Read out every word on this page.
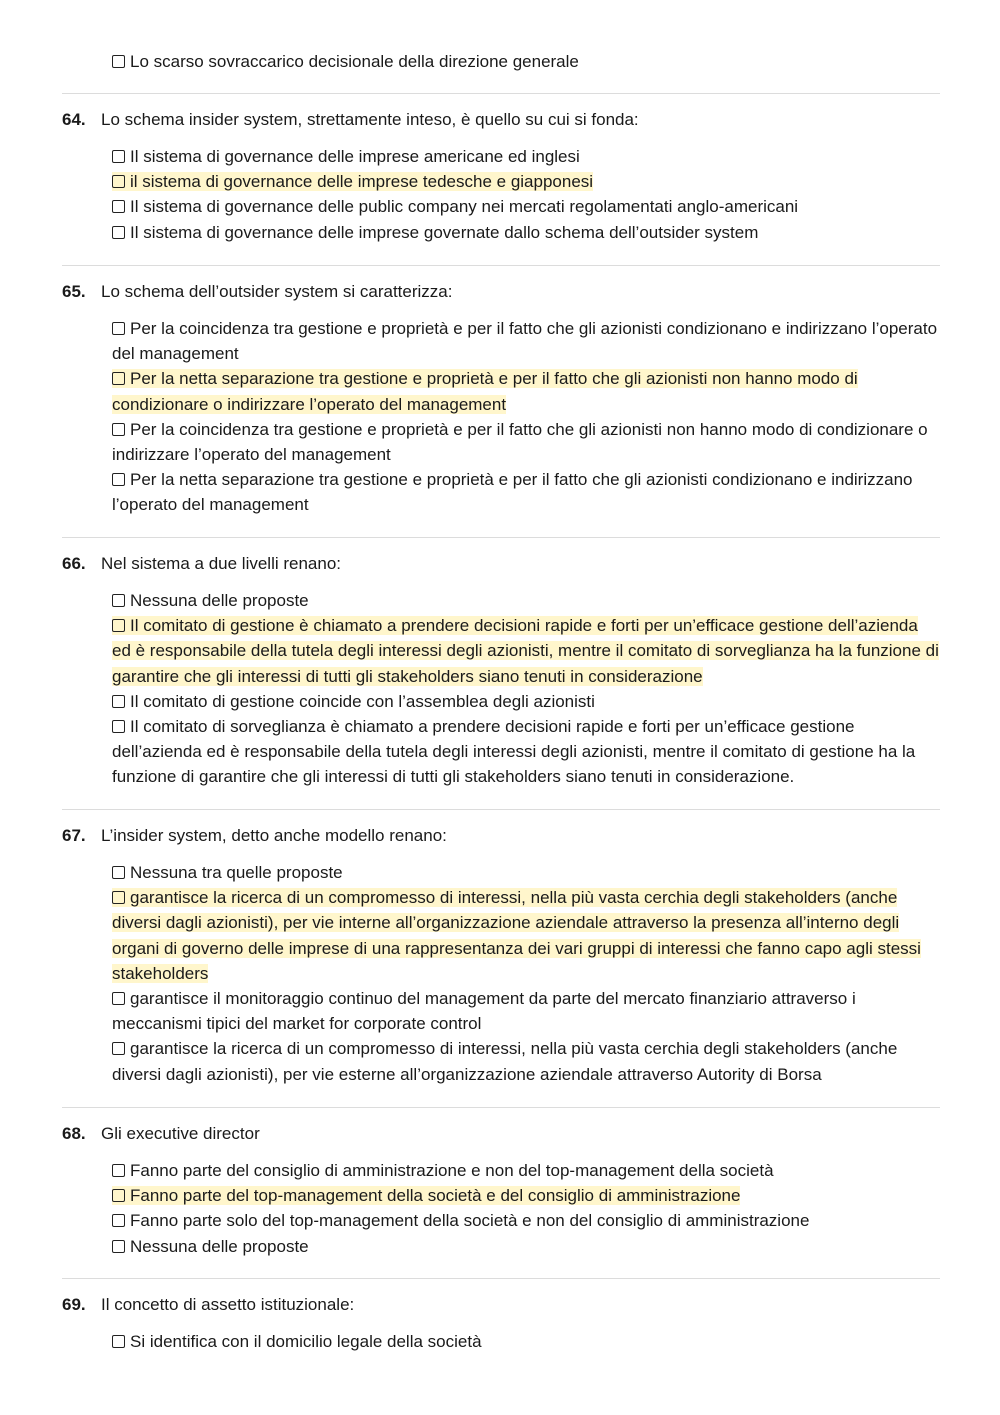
Lo scarso sovraccarico decisionale della direzione generale
64. Lo schema insider system, strettamente inteso, è quello su cui si fonda:
Il sistema di governance delle imprese americane ed inglesi
il sistema di governance delle imprese tedesche e giapponesi
Il sistema di governance delle public company nei mercati regolamentati anglo-americani
Il sistema di governance delle imprese governate dallo schema dell’outsider system
65. Lo schema dell’outsider system si caratterizza:
Per la coincidenza tra gestione e proprietà e per il fatto che gli azionisti condizionano e indirizzano l’operato del management
Per la netta separazione tra gestione e proprietà e per il fatto che gli azionisti non hanno modo di condizionare o indirizzare l’operato del management
Per la coincidenza tra gestione e proprietà e per il fatto che gli azionisti non hanno modo di condizionare o indirizzare l’operato del management
Per la netta separazione tra gestione e proprietà e per il fatto che gli azionisti condizionano e indirizzano l’operato del management
66. Nel sistema a due livelli renano:
Nessuna delle proposte
Il comitato di gestione è chiamato a prendere decisioni rapide e forti per un’efficace gestione dell’azienda ed è responsabile della tutela degli interessi degli azionisti, mentre il comitato di sorveglianza ha la funzione di garantire che gli interessi di tutti gli stakeholders siano tenuti in considerazione
Il comitato di gestione coincide con l’assemblea degli azionisti
Il comitato di sorveglianza è chiamato a prendere decisioni rapide e forti per un’efficace gestione dell’azienda ed è responsabile della tutela degli interessi degli azionisti, mentre il comitato di gestione ha la funzione di garantire che gli interessi di tutti gli stakeholders siano tenuti in considerazione.
67. L’insider system, detto anche modello renano:
Nessuna tra quelle proposte
garantisce la ricerca di un compromesso di interessi, nella più vasta cerchia degli stakeholders (anche diversi dagli azionisti), per vie interne all’organizzazione aziendale attraverso la presenza all’interno degli organi di governo delle imprese di una rappresentanza dei vari gruppi di interessi che fanno capo agli stessi stakeholders
garantisce il monitoraggio continuo del management da parte del mercato finanziario attraverso i meccanismi tipici del market for corporate control
garantisce la ricerca di un compromesso di interessi, nella più vasta cerchia degli stakeholders (anche diversi dagli azionisti), per vie esterne all’organizzazione aziendale attraverso Autority di Borsa
68. Gli executive director
Fanno parte del consiglio di amministrazione e non del top-management della società
Fanno parte del top-management della società e del consiglio di amministrazione
Fanno parte solo del top-management della società e non del consiglio di amministrazione
Nessuna delle proposte
69. Il concetto di assetto istituzionale:
Si identifica con il domicilio legale della società
